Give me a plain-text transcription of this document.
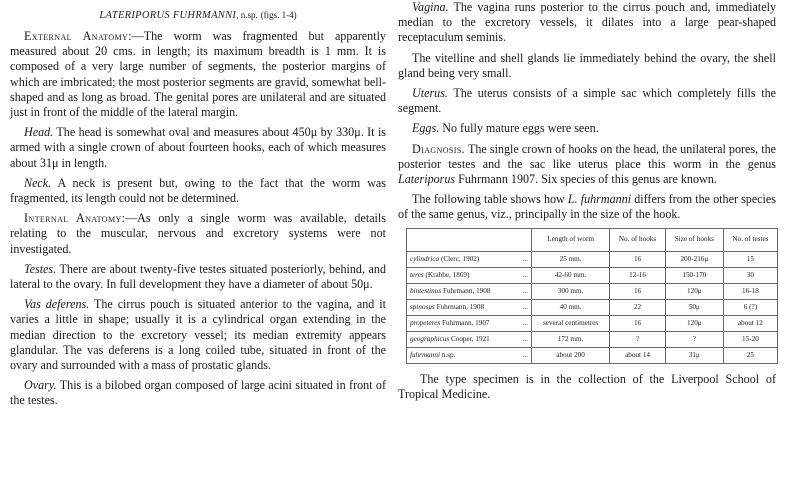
LATERIPORUS FUHRMANNI, n.sp. (figs. 1-4)

External Anatomy:—The worm was fragmented but apparently measured about 20 cms. in length; its maximum breadth is 1 mm. It is composed of a very large number of segments, the posterior margins of which are imbricated; the most posterior segments are gravid, somewhat bell-shaped and as long as broad. The genital pores are unilateral and are situated just in front of the middle of the lateral margin.

Head. The head is somewhat oval and measures about 450μ by 330μ. It is armed with a single crown of about fourteen hooks, each of which measures about 31μ in length.

Neck. A neck is present but, owing to the fact that the worm was fragmented, its length could not be determined.

Internal Anatomy:—As only a single worm was available, details relating to the muscular, nervous and excretory systems were not investigated.

Testes. There are about twenty-five testes situated posteriorly, behind, and lateral to the ovary. In full development they have a diameter of about 50μ.

Vas deferens. The cirrus pouch is situated anterior to the vagina, and it varies a little in shape; usually it is a cylindrical organ extending in the median direction to the excretory vessel; its median extremity appears glandular. The vas deferens is a long coiled tube, situated in front of the ovary and surrounded with a mass of prostatic glands.

Ovary. This is a bilobed organ composed of large acini situated in front of the testes.

Vagina. The vagina runs posterior to the cirrus pouch and, immediately median to the excretory vessels, it dilates into a large pear-shaped receptaculum seminis.

The vitelline and shell glands lie immediately behind the ovary, the shell gland being very small.

Uterus. The uterus consists of a simple sac which completely fills the segment.

Eggs. No fully mature eggs were seen.

Diagnosis. The single crown of hooks on the head, the unilateral pores, the posterior testes and the sac like uterus place this worm in the genus Lateriporus Fuhrmann 1907. Six species of this genus are known.

The following table shows how L. fuhrmanni differs from the other species of the same genus, viz., principally in the size of the hook.

	Length of worm	No. of hooks	Size of hooks	No. of testes

...
cylindrica (Clerc, 1902)	25 mm.	16	200-216μ	15

...
teres (Krabbe, 1869)	42-60 mm.	12-16	150-170	30

...
bintestinus Fuhrmann, 1908	300 mm.	16	120μ	16-18

...
spinosus Fuhrmann, 1908	40 mm.	22	50μ	6 (?)

...
propeteres Fuhrmann, 1907	several centimetres	16	120μ	about 12

...
geographicus Cooper, 1921	172 mm.	?	?	15-20

...
fuhrmanni n.sp.	about 200	about 14	31μ	25

The type specimen is in the collection of the Liverpool School of Tropical Medicine.
